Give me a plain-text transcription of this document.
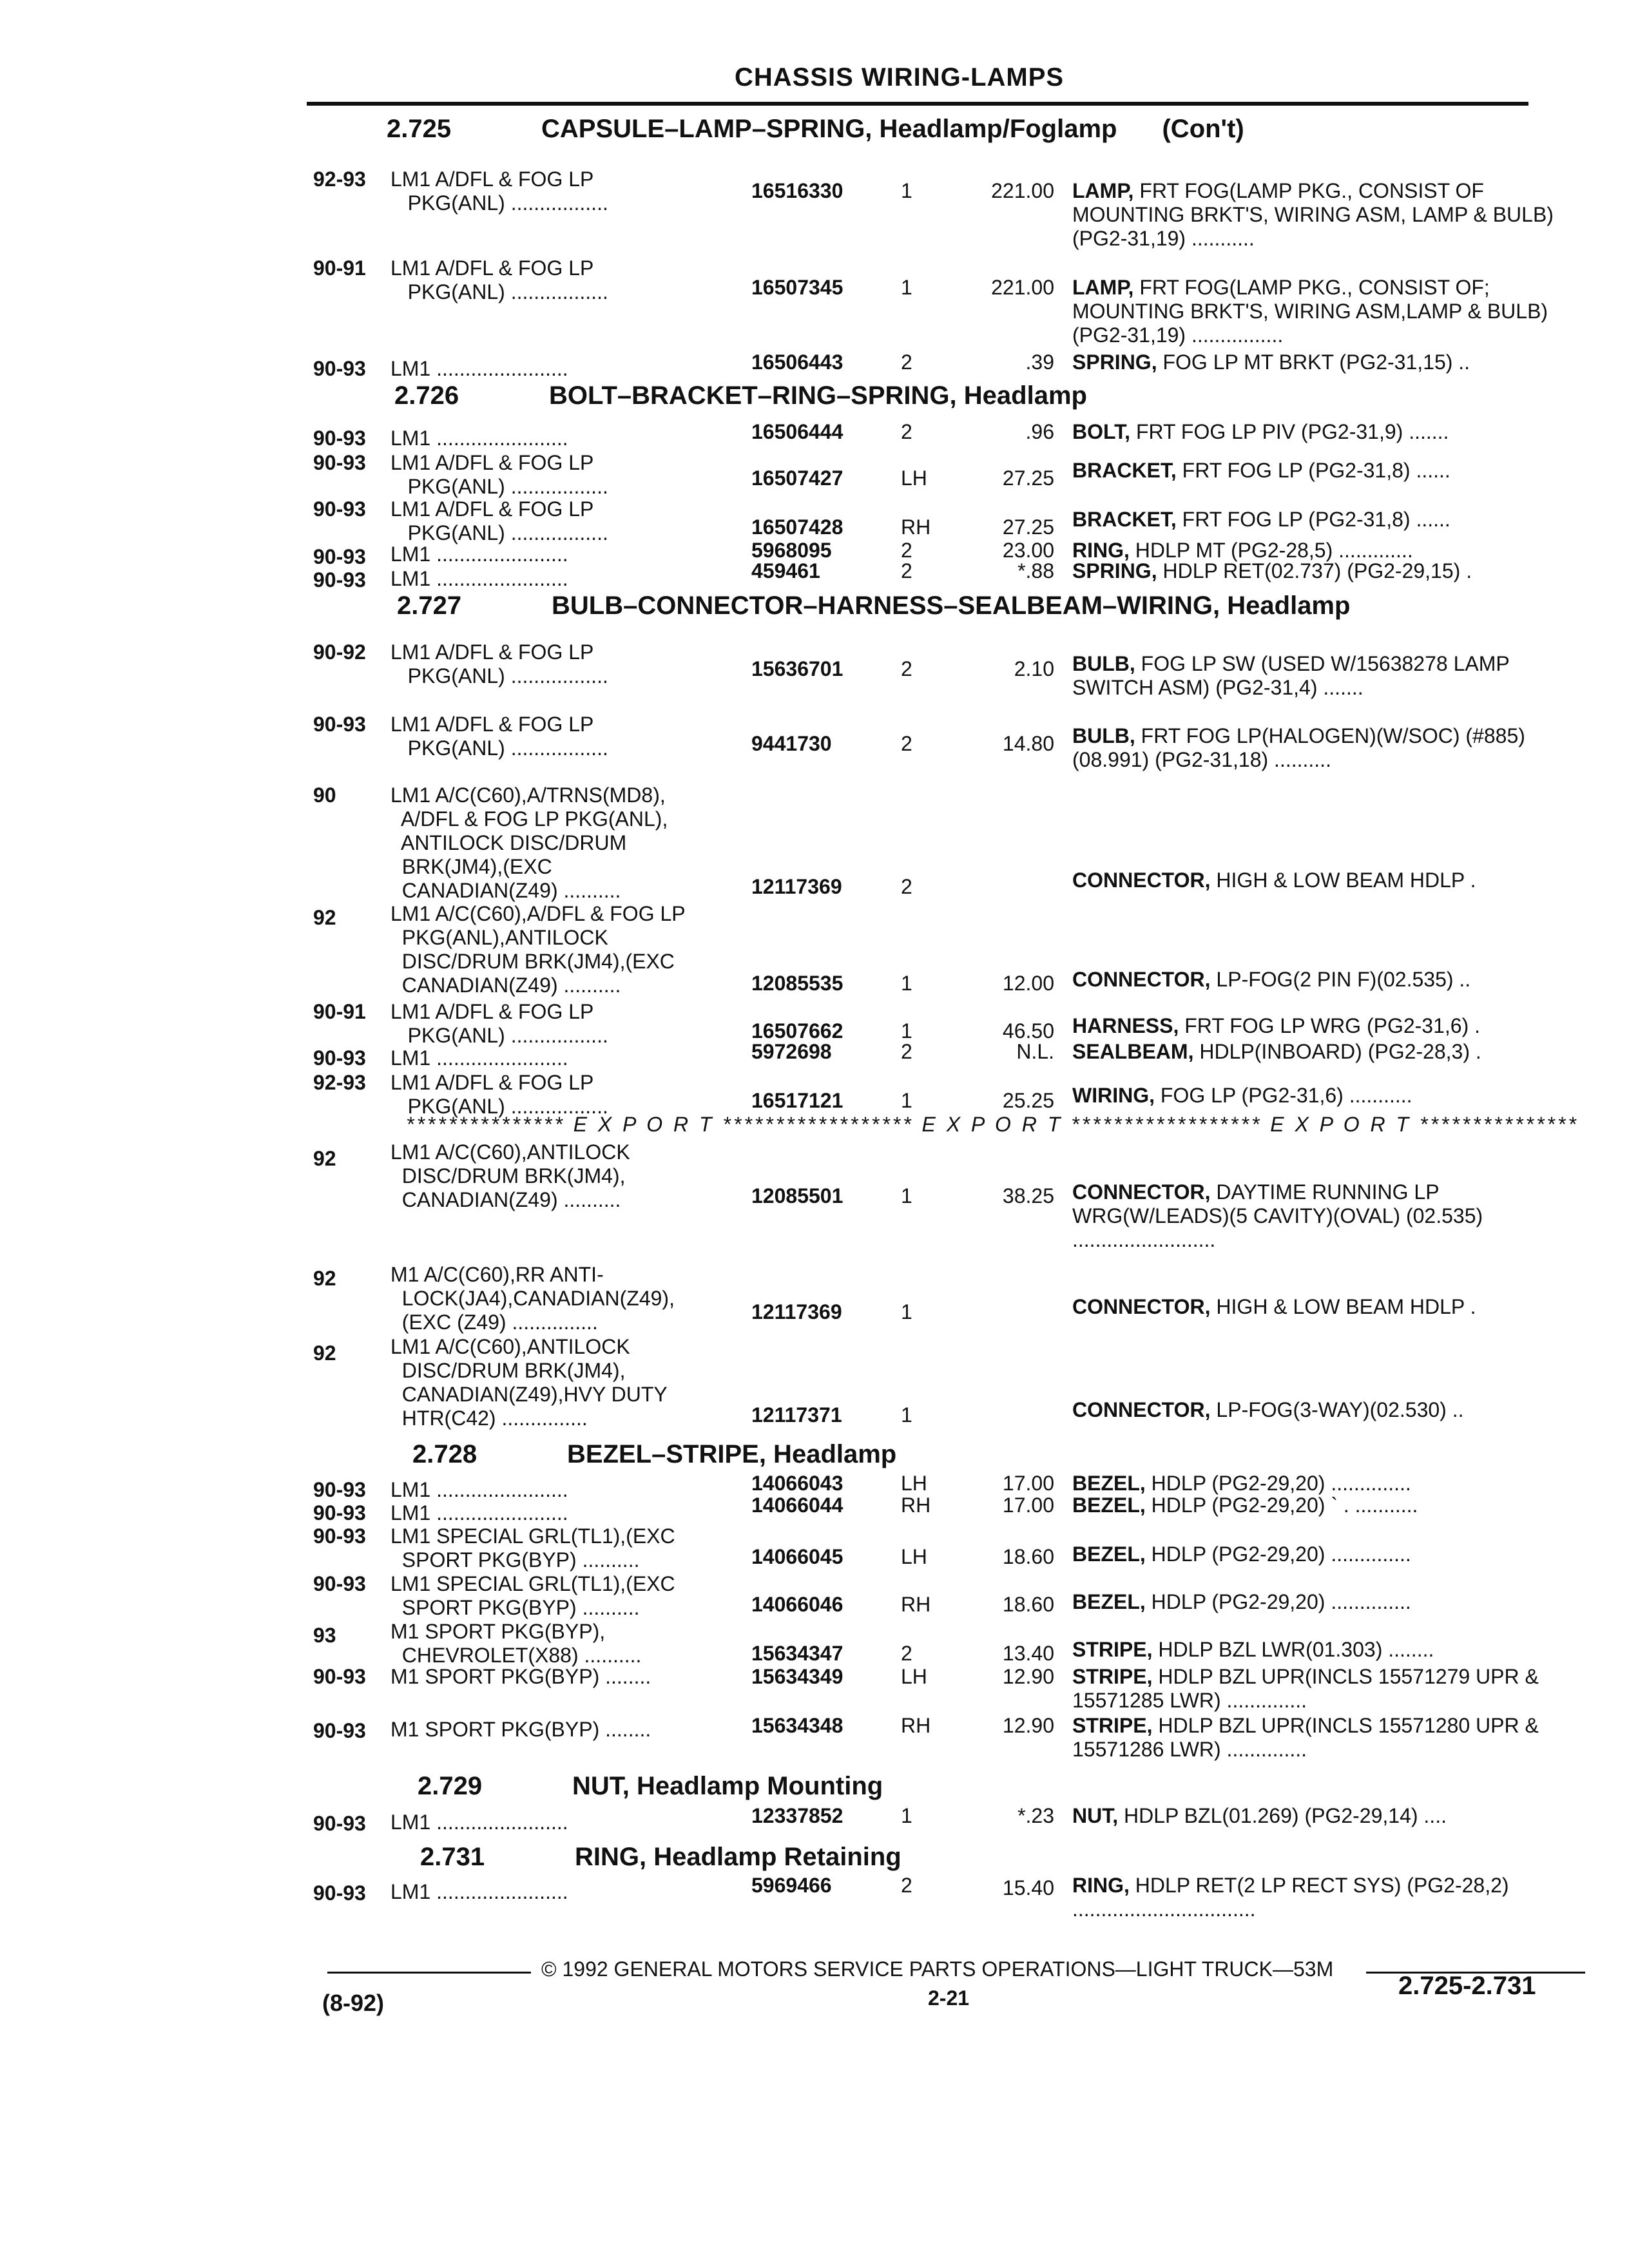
CHASSIS WIRING-LAMPS
2.725	CAPSULE–LAMP–SPRING, Headlamp/Foglamp (Con't)
2.726	BOLT–BRACKET–RING–SPRING, Headlamp
2.727	BULB–CONNECTOR–HARNESS–SEALBEAM–WIRING, Headlamp
2.728	BEZEL–STRIPE, Headlamp
2.729	NUT, Headlamp Mounting
2.731	RING, Headlamp Retaining
92-93 LM1 A/DFL & FOG LP
PKG(ANL) .................
16516330	1	221.00 LAMP, FRT FOG(LAMP PKG., CONSIST OF MOUNTING BRKT'S, WIRING ASM, LAMP & BULB) (PG2-31,19) ...........
90-91 LM1 A/DFL & FOG LP
PKG(ANL) .................	16507345	1	221.00 LAMP, FRT FOG(LAMP PKG., CONSIST OF; MOUNTING BRKT'S, WIRING ASM,LAMP & BULB) (PG2-31,19) ................
90-93 LM1 .......................	16506443	2	.39 SPRING, FOG LP MT BRKT (PG2-31,15) ..
90-93 LM1 .......................	16506444	2	.96 BOLT, FRT FOG LP PIV (PG2-31,9) .......
90-93 LM1 A/DFL & FOG LP
PKG(ANL) .................	16507427	LH	27.25 BRACKET, FRT FOG LP (PG2-31,8) ......
90-93 LM1 A/DFL & FOG LP
PKG(ANL) .................	16507428	RH	27.25 BRACKET, FRT FOG LP (PG2-31,8) ......
90-93 LM1 .......................	5968095	2	23.00 RING, HDLP MT (PG2-28,5) .............
90-93 LM1 .......................	459461	2	*.88 SPRING, HDLP RET(02.737) (PG2-29,15) .
90-92 LM1 A/DFL & FOG LP
PKG(ANL) .................	15636701	2	2.10 BULB, FOG LP SW (USED W/15638278 LAMP SWITCH ASM) (PG2-31,4) .......
90-93 LM1 A/DFL & FOG LP
PKG(ANL) .................	9441730	2	14.80 BULB, FRT FOG LP(HALOGEN)(W/SOC) (#885)(08.991) (PG2-31,18) ..........
90	LM1 A/C(C60),A/TRNS(MD8),
A/DFL & FOG LP PKG(ANL),
ANTILOCK DISC/DRUM
BRK(JM4),(EXC
CANADIAN(Z49) ..........	12117369	2	CONNECTOR, HIGH & LOW BEAM HDLP .
92	LM1 A/C(C60),A/DFL & FOG LP
PKG(ANL),ANTILOCK
DISC/DRUM BRK(JM4),(EXC
CANADIAN(Z49) ..........	12085535	1	12.00 CONNECTOR, LP-FOG(2 PIN F)(02.535) ..
90-91 LM1 A/DFL & FOG LP
PKG(ANL) .................	16507662	1	46.50 HARNESS, FRT FOG LP WRG (PG2-31,6) .
90-93 LM1 .......................	5972698	2	N.L. SEALBEAM, HDLP(INBOARD) (PG2-28,3) .
92-93 LM1 A/DFL & FOG LP
PKG(ANL) .................	16517121	1	25.25 WIRING, FOG LP (PG2-31,6) ...........
*************** E X P O R T ****************** E X P O R T ****************** E X P O R T ***************
92	LM1 A/C(C60),ANTILOCK
DISC/DRUM BRK(JM4),
CANADIAN(Z49) ..........	12085501	1	38.25 CONNECTOR, DAYTIME RUNNING LP WRG(W/LEADS)(5 CAVITY)(OVAL) (02.535) .........................
92	M1 A/C(C60),RR ANTI-
LOCK(JA4),CANADIAN(Z49),
(EXC (Z49) ...............	12117369	1	CONNECTOR, HIGH & LOW BEAM HDLP .
92	LM1 A/C(C60),ANTILOCK
DISC/DRUM BRK(JM4),
CANADIAN(Z49),HVY DUTY
HTR(C42) ...............	12117371	1	CONNECTOR, LP-FOG(3-WAY)(02.530) ..
90-93 LM1 .......................	14066043	LH	17.00 BEZEL, HDLP (PG2-29,20) ..............
90-93 LM1 .......................	14066044	RH	17.00 BEZEL, HDLP (PG2-29,20) ` . ...........
90-93 LM1 SPECIAL GRL(TL1),(EXC
SPORT PKG(BYP) ..........	14066045	LH	18.60 BEZEL, HDLP (PG2-29,20) ..............
90-93 LM1 SPECIAL GRL(TL1),(EXC
SPORT PKG(BYP) ..........	14066046	RH	18.60 BEZEL, HDLP (PG2-29,20) ..............
93	M1 SPORT PKG(BYP),
CHEVROLET(X88) ..........	15634347	2	13.40 STRIPE, HDLP BZL LWR(01.303) ........
90-93 M1 SPORT PKG(BYP) ........	15634349	LH	12.90 STRIPE, HDLP BZL UPR(INCLS 15571279 UPR & 15571285 LWR) ..............
90-93 M1 SPORT PKG(BYP) ........	15634348	RH	12.90 STRIPE, HDLP BZL UPR(INCLS 15571280 UPR & 15571286 LWR) ..............
90-93 LM1 .......................	12337852	1	*.23 NUT, HDLP BZL(01.269) (PG2-29,14) ....
90-93 LM1 .......................	5969466	2	15.40 RING, HDLP RET(2 LP RECT SYS) (PG2-28,2) ................................
© 1992 GENERAL MOTORS SERVICE PARTS OPERATIONS—LIGHT TRUCK—53M
2-21	2.725-2.731
(8-92)
